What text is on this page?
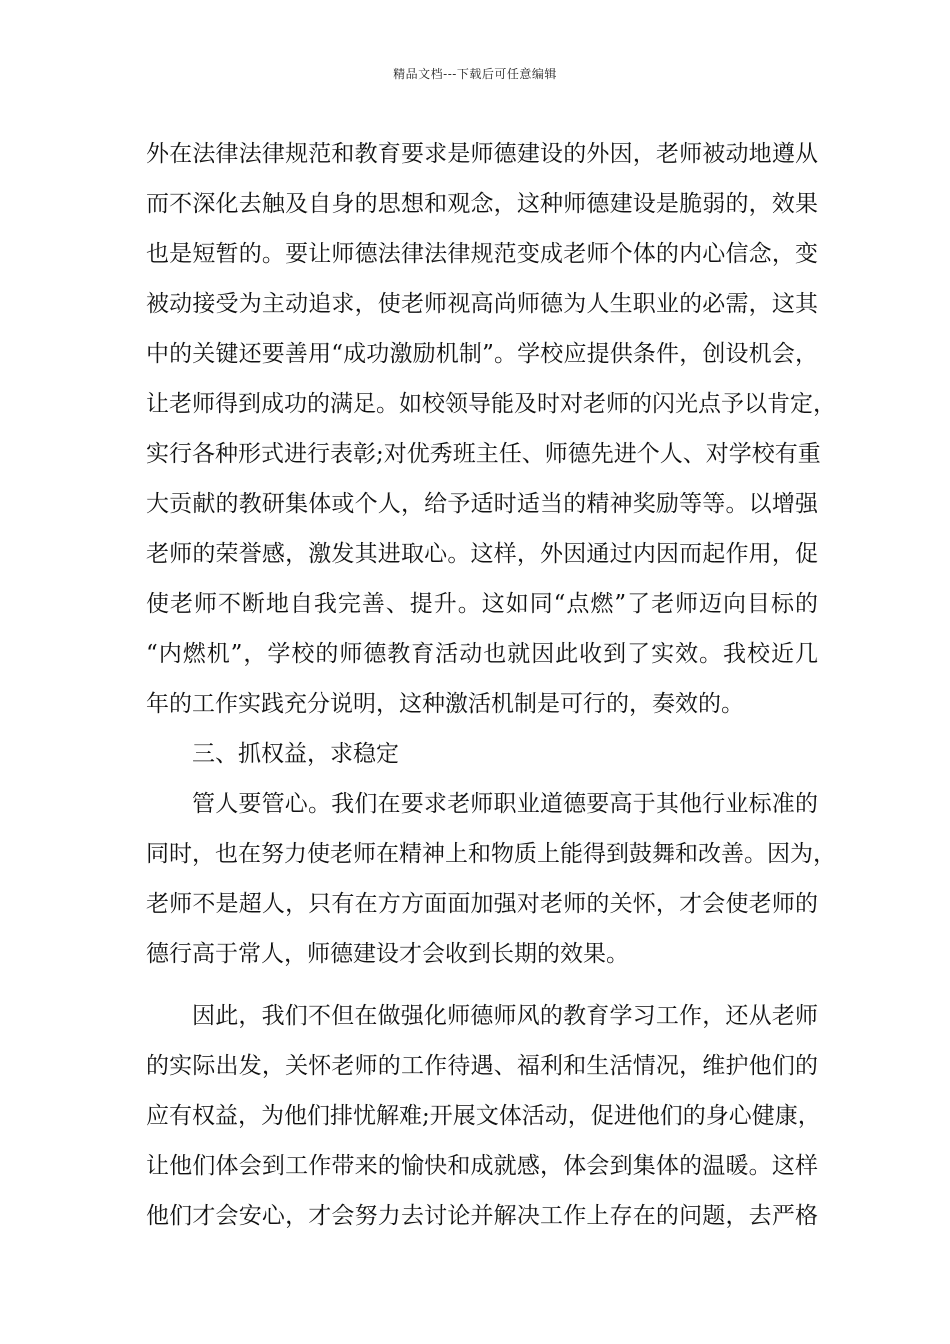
精品文档---下载后可任意编辑
外在法律法律规范和教育要求是师德建设的外因，老师被动地遵从
而不深化去触及自身的思想和观念，这种师德建设是脆弱的，效果
也是短暂的。要让师德法律法律规范变成老师个体的内心信念，变
被动接受为主动追求，使老师视高尚师德为人生职业的必需，这其
中的关键还要善用“成功激励机制”。学校应提供条件，创设机会，
让老师得到成功的满足。如校领导能及时对老师的闪光点予以肯定，
实行各种形式进行表彰;对优秀班主任、师德先进个人、对学校有重
大贡献的教研集体或个人，给予适时适当的精神奖励等等。以增强
老师的荣誉感，激发其进取心。这样，外因通过内因而起作用，促
使老师不断地自我完善、提升。这如同“点燃”了老师迈向目标的
“内燃机”，学校的师德教育活动也就因此收到了实效。我校近几
年的工作实践充分说明，这种激活机制是可行的，奏效的。
三、抓权益，求稳定
管人要管心。我们在要求老师职业道德要高于其他行业标准的
同时，也在努力使老师在精神上和物质上能得到鼓舞和改善。因为，
老师不是超人，只有在方方面面加强对老师的关怀，才会使老师的
德行高于常人，师德建设才会收到长期的效果。
因此，我们不但在做强化师德师风的教育学习工作，还从老师
的实际出发，关怀老师的工作待遇、福利和生活情况，维护他们的
应有权益，为他们排忧解难;开展文体活动，促进他们的身心健康，
让他们体会到工作带来的愉快和成就感，体会到集体的温暖。这样
他们才会安心，才会努力去讨论并解决工作上存在的问题，去严格
